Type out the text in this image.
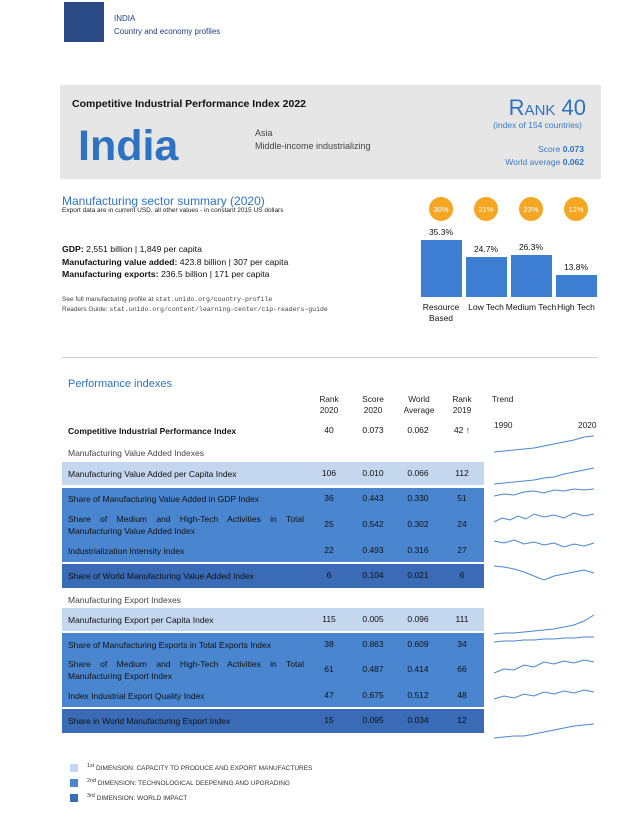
INDIA
Country and economy profiles
Competitive Industrial Performance Index 2022
India	Asia
Middle-income industrializing
Rank 40
(index of 154 countries)
Score 0.073
World average 0.062
Manufacturing sector summary (2020)
Export data are in current USD, all other values - in constant 2015 US dollars
GDP: 2,551 billion | 1,849 per capita
Manufacturing value added: 423.8 billion | 307 per capita
Manufacturing exports: 236.5 billion | 171 per capita
See full manufacturing profile at stat.unido.org/country-profile
Readers Guide: stat.unido.org/content/learning-center/cip-readers-guide
30%
35.3%
Resource Based
21%
24.7%
Low Tech
23%
26.3%
Medium Tech
12%
13.8%
High Tech
Performance indexes
Rank
2020
Score
2020
World
Average
Rank
2019
Trend
1990	2020
Competitive Industrial Performance Index	40	0.073	0.062	42 ↑
Manufacturing Value Added Indexes
Manufacturing Export Indexes
Manufacturing Value Added per Capita Index	106	0.010	0.066	112
Share of Manufacturing Value Added in GDP Index	36	0.443	0.330	51
Share of Medium and High-Tech Activities in Total Manufacturing Value Added Index
25	0.542	0.302	24
Industrialization Intensity Index	22	0.493	0.316	27
Share of World Manufacturing Value Added Index	6	0.104	0.021	6
Manufacturing Export per Capita Index	115	0.005	0.096	111
Share of Manufacturing Exports in Total Exports Index	38	0.863	0.609	34
Share of Medium and High-Tech Activities in Total Manufacturing Export Index
61	0.487	0.414	66
Index Industrial Export Quality Index	47	0.675	0.512	48
Share in World Manufacturing Export Index	15	0.095	0.034	12
$^{1st}$ DIMENSION: CAPACITY TO PRODUCE AND EXPORT MANUFACTURES
$^{2nd}$ DIMENSION: TECHNOLOGICAL DEEPENING AND UPGRADING
$^{3rd}$ DIMENSION: WORLD IMPACT
